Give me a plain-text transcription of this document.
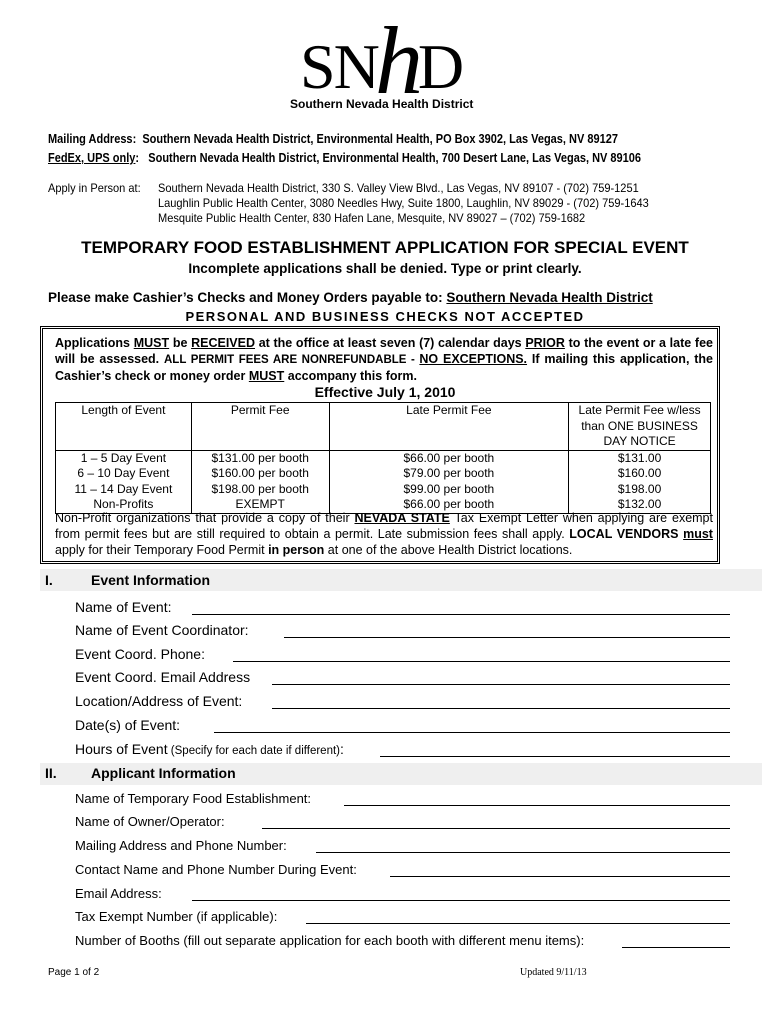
SN D
h
Southern Nevada Health District
Mailing Address:  Southern Nevada Health District, Environmental Health, PO Box 3902, Las Vegas, NV 89127
FedEx, UPS only:   Southern Nevada Health District, Environmental Health, 700 Desert Lane, Las Vegas, NV 89106
Apply in Person at: Southern Nevada Health District, 330 S. Valley View Blvd., Las Vegas, NV 89107 - (702) 759-1251
Laughlin Public Health Center, 3080 Needles Hwy, Suite 1800, Laughlin, NV 89029 - (702) 759-1643
Mesquite Public Health Center, 830 Hafen Lane, Mesquite, NV 89027 – (702) 759-1682
TEMPORARY FOOD ESTABLISHMENT APPLICATION FOR SPECIAL EVENT
Incomplete applications shall be denied. Type or print clearly.
Please make Cashier’s Checks and Money Orders payable to: Southern Nevada Health District
PERSONAL AND BUSINESS CHECKS NOT ACCEPTED
Applications MUST be RECEIVED at the office at least seven (7) calendar days PRIOR to the event or a late fee will be assessed. ALL PERMIT FEES ARE NONREFUNDABLE - NO EXCEPTIONS. If mailing this application, the Cashier’s check or money order MUST accompany this form.
Effective July 1, 2010
Length of Event	Permit Fee	Late Permit Fee	Late Permit Fee w/less than ONE BUSINESS DAY NOTICE
1 – 5 Day Event	$131.00 per booth	$66.00 per booth	$131.00
6 – 10 Day Event	$160.00 per booth	$79.00 per booth	$160.00
11 – 14 Day Event	$198.00 per booth	$99.00 per booth	$198.00
Non-Profits	EXEMPT	$66.00 per booth	$132.00
Non-Profit organizations that provide a copy of their NEVADA STATE Tax Exempt Letter when applying are exempt from permit fees but are still required to obtain a permit. Late submission fees shall apply. LOCAL VENDORS must apply for their Temporary Food Permit in person at one of the above Health District locations.
I.	Event Information
Name of Event:
Name of Event Coordinator:
Event Coord. Phone:
Event Coord. Email Address
Location/Address of Event:
Date(s) of Event:
Hours of Event (Specify for each date if different):
II. Applicant Information
Name of Temporary Food Establishment:
Name of Owner/Operator:
Mailing Address and Phone Number:
Contact Name and Phone Number During Event:
Email Address:
Tax Exempt Number (if applicable):
Number of Booths (fill out separate application for each booth with different menu items):
Page 1 of 2	Updated 9/11/13
